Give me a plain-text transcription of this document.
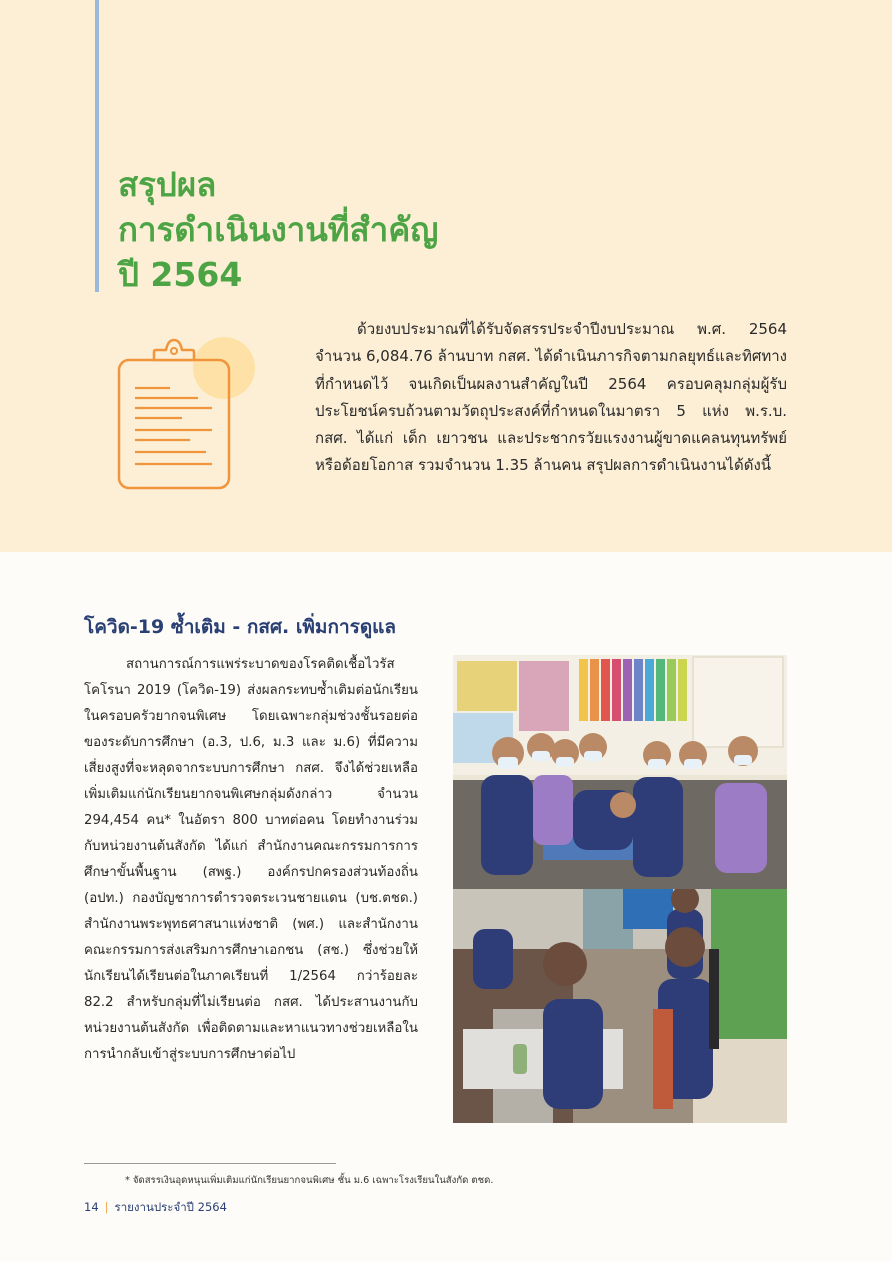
สรุปผล
การดำเนินงานที่สำคัญ
ปี 2564

ด้วยงบประมาณที่ได้รับจัดสรรประจำปีงบประมาณ พ.ศ. 2564 จำนวน 6,084.76 ล้านบาท กสศ. ได้ดำเนินภารกิจตามกลยุทธ์และทิศทางที่กำหนดไว้ จนเกิดเป็นผลงานสำคัญในปี 2564 ครอบคลุมกลุ่มผู้รับประโยชน์ครบถ้วนตามวัตถุประสงค์ที่กำหนดในมาตรา 5 แห่ง พ.ร.บ. กสศ. ได้แก่ เด็ก เยาวชน และประชากรวัยแรงงานผู้ขาดแคลนทุนทรัพย์หรือด้อยโอกาส รวมจำนวน 1.35 ล้านคน สรุปผลการดำเนินงานได้ดังนี้

โควิด-19 ซ้ำเติม - กสศ. เพิ่มการดูแล

สถานการณ์การแพร่ระบาดของโรคติดเชื้อไวรัสโคโรนา 2019 (โควิด-19) ส่งผลกระทบซ้ำเติมต่อนักเรียนในครอบครัวยากจนพิเศษ โดยเฉพาะกลุ่มช่วงชั้นรอยต่อของระดับการศึกษา (อ.3, ป.6, ม.3 และ ม.6) ที่มีความเสี่ยงสูงที่จะหลุดจากระบบการศึกษา กสศ. จึงได้ช่วยเหลือเพิ่มเติมแก่นักเรียนยากจนพิเศษกลุ่มดังกล่าว จำนวน 294,454 คน* ในอัตรา 800 บาทต่อคน โดยทำงานร่วมกับหน่วยงานต้นสังกัด ได้แก่ สำนักงานคณะกรรมการการศึกษาขั้นพื้นฐาน (สพฐ.) องค์กรปกครองส่วนท้องถิ่น (อปท.) กองบัญชาการตำรวจตระเวนชายแดน (บช.ตชด.) สำนักงานพระพุทธศาสนาแห่งชาติ (พศ.) และสำนักงานคณะกรรมการส่งเสริมการศึกษาเอกชน (สช.) ซึ่งช่วยให้นักเรียนได้เรียนต่อในภาคเรียนที่ 1/2564 กว่าร้อยละ 82.2 สำหรับกลุ่มที่ไม่เรียนต่อ กสศ. ได้ประสานงานกับหน่วยงานต้นสังกัด เพื่อติดตามและหาแนวทางช่วยเหลือในการนำกลับเข้าสู่ระบบการศึกษาต่อไป

* จัดสรรเงินอุดหนุนเพิ่มเติมแก่นักเรียนยากจนพิเศษ ชั้น ม.6 เฉพาะโรงเรียนในสังกัด ตชด.

14 | รายงานประจำปี 2564
